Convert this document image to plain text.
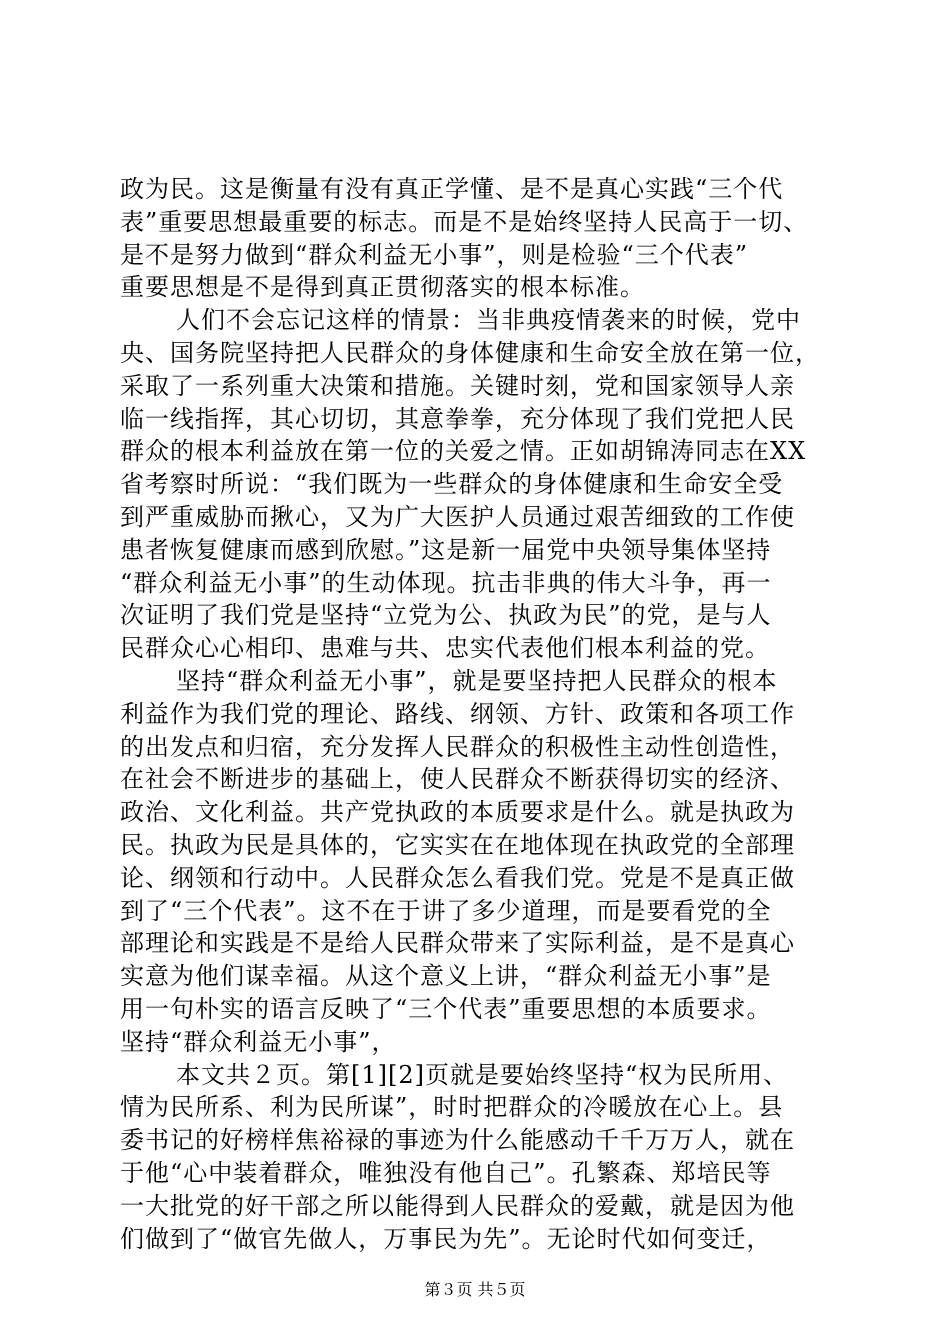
政为民。这是衡量有没有真正学懂、是不是真心实践“三个代
表”重要思想最重要的标志。而是不是始终坚持人民高于一切、
是不是努力做到“群众利益无小事”，则是检验“三个代表”
重要思想是不是得到真正贯彻落实的根本标准。
人们不会忘记这样的情景：当非典疫情袭来的时候，党中
央、国务院坚持把人民群众的身体健康和生命安全放在第一位，
采取了一系列重大决策和措施。关键时刻，党和国家领导人亲
临一线指挥，其心切切，其意拳拳，充分体现了我们党把人民
群众的根本利益放在第一位的关爱之情。正如胡锦涛同志在XX
省考察时所说：“我们既为一些群众的身体健康和生命安全受
到严重威胁而揪心，又为广大医护人员通过艰苦细致的工作使
患者恢复健康而感到欣慰。”这是新一届党中央领导集体坚持
“群众利益无小事”的生动体现。抗击非典的伟大斗争，再一
次证明了我们党是坚持“立党为公、执政为民”的党，是与人
民群众心心相印、患难与共、忠实代表他们根本利益的党。
坚持“群众利益无小事”，就是要坚持把人民群众的根本
利益作为我们党的理论、路线、纲领、方针、政策和各项工作
的出发点和归宿，充分发挥人民群众的积极性主动性创造性，
在社会不断进步的基础上，使人民群众不断获得切实的经济、
政治、文化利益。共产党执政的本质要求是什么。就是执政为
民。执政为民是具体的，它实实在在地体现在执政党的全部理
论、纲领和行动中。人民群众怎么看我们党。党是不是真正做
到了“三个代表”。这不在于讲了多少道理，而是要看党的全
部理论和实践是不是给人民群众带来了实际利益，是不是真心
实意为他们谋幸福。从这个意义上讲，“群众利益无小事”是
用一句朴实的语言反映了“三个代表”重要思想的本质要求。
坚持“群众利益无小事”，
本文共２页。第[1][2]页就是要始终坚持“权为民所用、
情为民所系、利为民所谋”，时时把群众的冷暖放在心上。县
委书记的好榜样焦裕禄的事迹为什么能感动千千万万人，就在
于他“心中装着群众，唯独没有他自己”。孔繁森、郑培民等
一大批党的好干部之所以能得到人民群众的爱戴，就是因为他
们做到了“做官先做人，万事民为先”。无论时代如何变迁，
第３页 共５页
